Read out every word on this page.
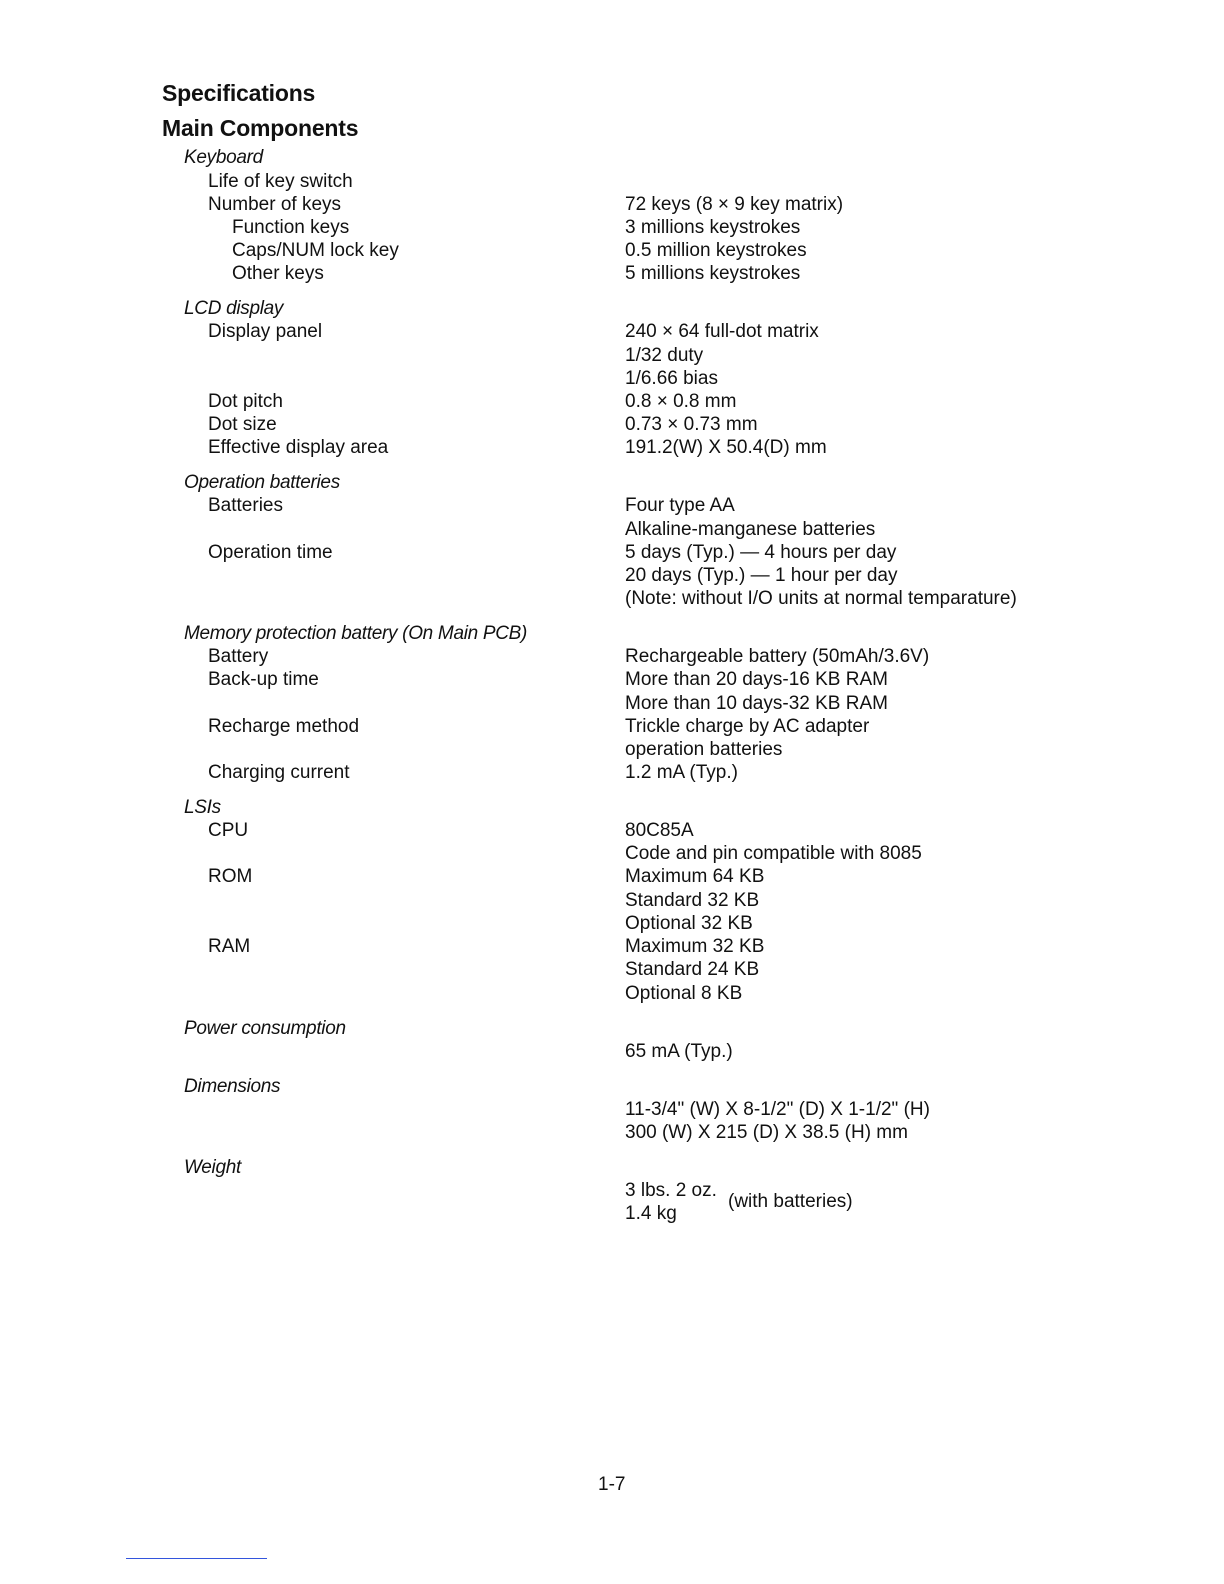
Specifications
Main Components
Keyboard
Life of key switch
Number of keys
Function keys
Caps/NUM lock key
Other keys
72 keys (8 × 9 key matrix)
3 millions keystrokes
0.5 million keystrokes
5 millions keystrokes
LCD display
Display panel
Dot pitch
Dot size
Effective display area
240 × 64 full-dot matrix
1/32 duty
1/6.66 bias
0.8 × 0.8 mm
0.73 × 0.73 mm
191.2(W) X 50.4(D) mm
Operation batteries
Batteries
Operation time
Four type AA
Alkaline-manganese batteries
5 days (Typ.) — 4 hours per day
20 days (Typ.) — 1 hour per day
(Note: without I/O units at normal temparature)
Memory protection battery (On Main PCB)
Battery
Back-up time
Recharge method
Charging current
Rechargeable battery (50mAh/3.6V)
More than 20 days-16 KB RAM
More than 10 days-32 KB RAM
Trickle charge by AC adapter
operation batteries
1.2 mA (Typ.)
LSIs
CPU
ROM
RAM
80C85A
Code and pin compatible with 8085
Maximum 64 KB
Standard 32 KB
Optional 32 KB
Maximum 32 KB
Standard 24 KB
Optional 8 KB
Power consumption
65 mA (Typ.)
Dimensions
11-3/4" (W) X 8-1/2" (D) X 1-1/2" (H)
300 (W) X 215 (D) X 38.5 (H) mm
Weight
3 lbs. 2 oz.
1.4 kg
(with batteries)
1-7
